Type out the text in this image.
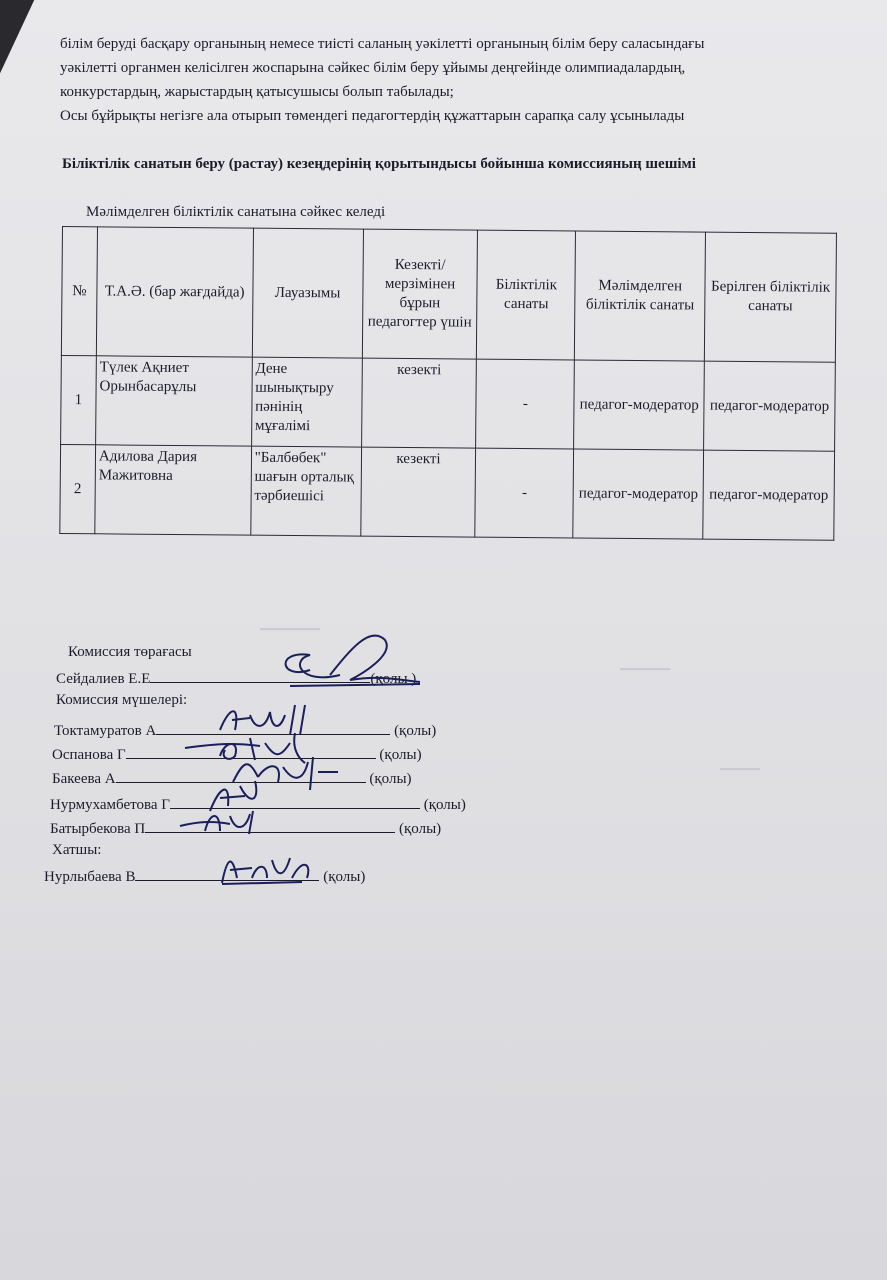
▁▁▁▁▁▁
▁▁▁▁▁
▁▁▁▁
білім беруді басқару органының немесе тиісті саланың уәкілетті органының білім беру саласындағы
уәкілетті органмен келісілген жоспарына сәйкес білім беру ұйымы деңгейінде олимпиадалардың,
конкурстардың, жарыстардың қатысушысы болып табылады;
Осы бұйрықты негізге ала отырып төмендегі педагогтердің құжаттарын сарапқа салу ұсынылады
Біліктілік санатын беру (растау) кезеңдерінің қорытындысы бойынша комиссияның шешімі
Мәлімделген біліктілік санатына сәйкес келеді
№	Т.А.Ә. (бар жағдайда)	Лауазымы	Кезекті/ мерзімінен бұрын педагогтер үшін	Біліктілік санаты	Мәлімделген біліктілік санаты	Берілген біліктілік санаты
1	Түлек Ақниет Орынбасарұлы	Дене шынықтыру пәнінің мұғалімі	кезекті	-	педагог-модератор	педагог-модератор
2	Адилова Дария Мажитовна	"Балбөбек" шағын орталық тәрбиешісі	кезекті	-	педагог-модератор	педагог-модератор
Комиссия төрағасы
Сейдалиев Е.Е	(қолы )
Комиссия мүшелері:
Токтамуратов А	(қолы)
Оспанова Г	(қолы)
Бакеева А	(қолы)
Нурмухамбетова Г	(қолы)
Батырбекова П	(қолы)
Хатшы:
Нурлыбаева В	(қолы)
